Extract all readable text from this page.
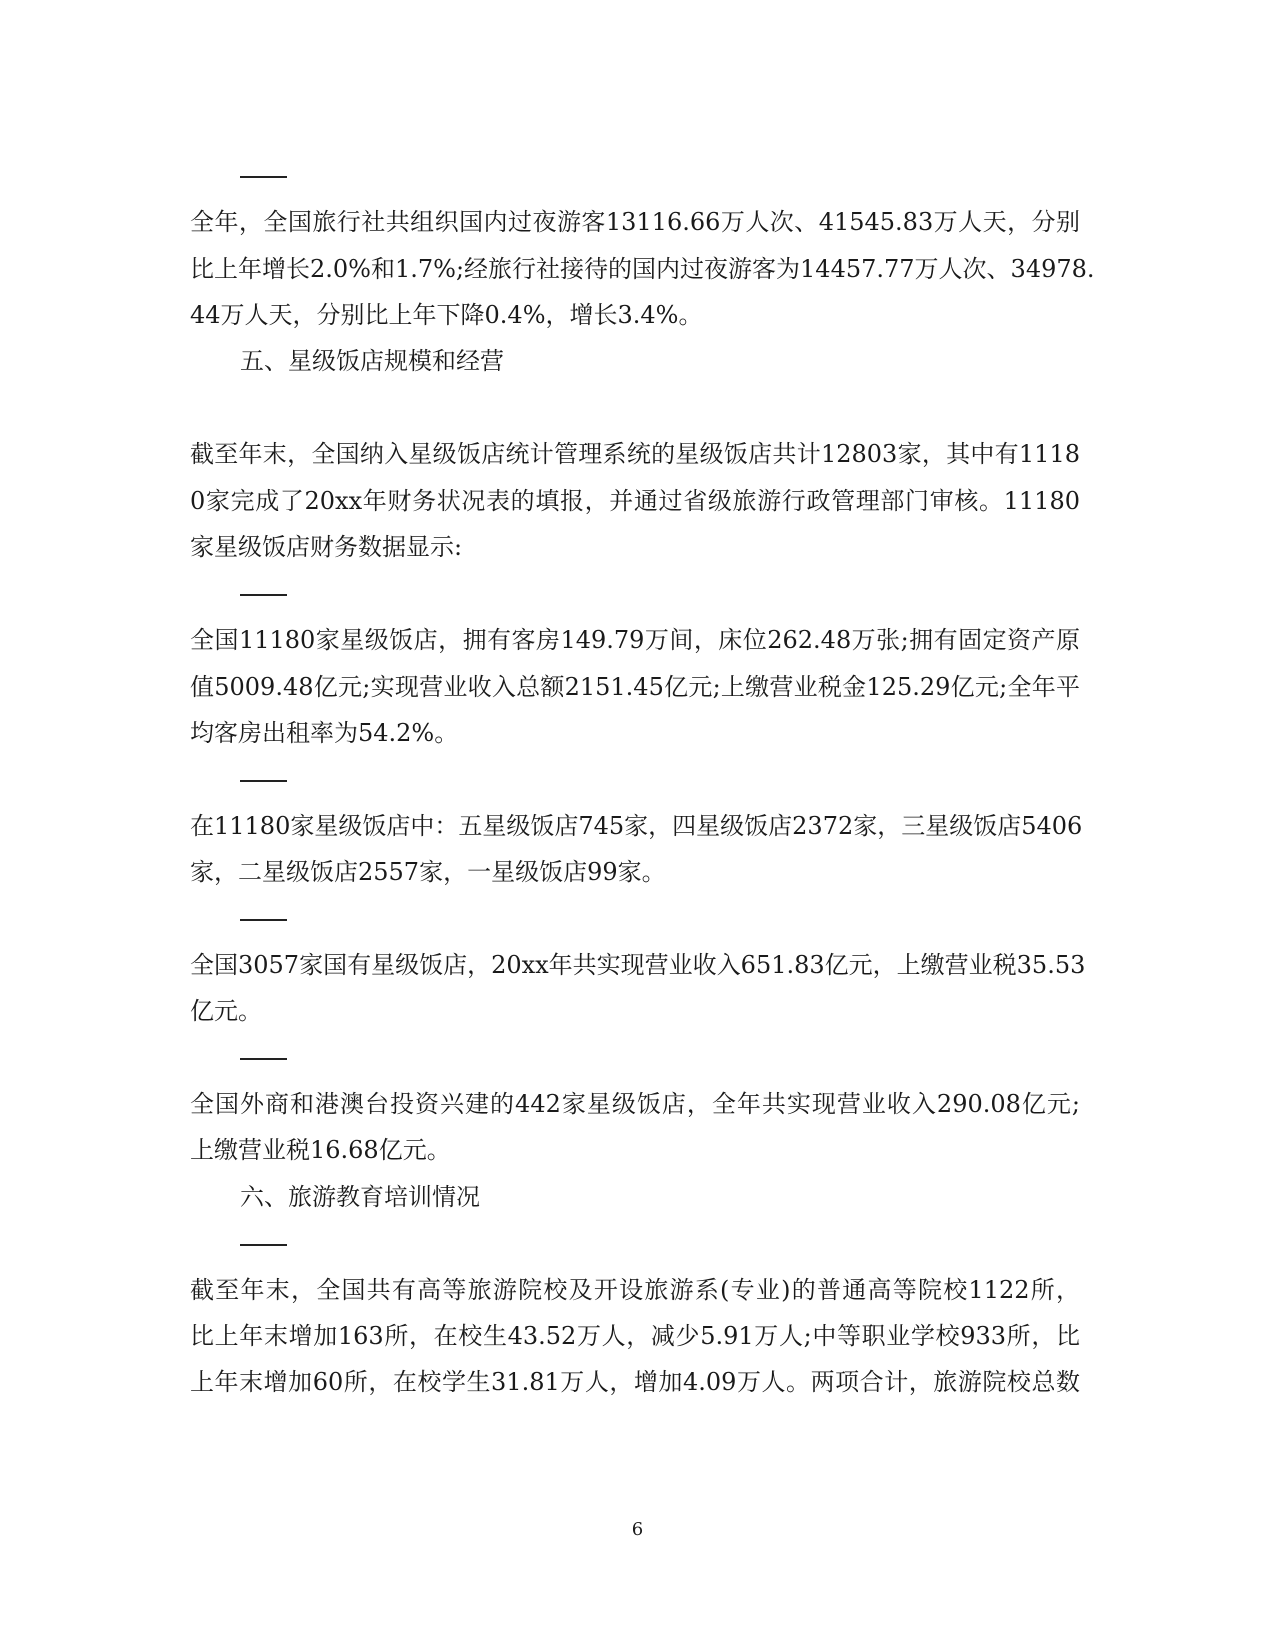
全年，全国旅行社共组织国内过夜游客13116.66万人次、41545.83万人天，分别
比上年增长2.0%和1.7%;经旅行社接待的国内过夜游客为14457.77万人次、34978.
44万人天，分别比上年下降0.4%，增长3.4%。
五、星级饭店规模和经营
截至年末，全国纳入星级饭店统计管理系统的星级饭店共计12803家，其中有1118
0家完成了20xx年财务状况表的填报，并通过省级旅游行政管理部门审核。11180
家星级饭店财务数据显示:
全国11180家星级饭店，拥有客房149.79万间，床位262.48万张;拥有固定资产原
值5009.48亿元;实现营业收入总额2151.45亿元;上缴营业税金125.29亿元;全年平
均客房出租率为54.2%。
在11180家星级饭店中：五星级饭店745家，四星级饭店2372家，三星级饭店5406
家，二星级饭店2557家，一星级饭店99家。
全国3057家国有星级饭店，20xx年共实现营业收入651.83亿元，上缴营业税35.53
亿元。
全国外商和港澳台投资兴建的442家星级饭店，全年共实现营业收入290.08亿元;
上缴营业税16.68亿元。
六、旅游教育培训情况
截至年末，全国共有高等旅游院校及开设旅游系(专业)的普通高等院校1122所，
比上年末增加163所，在校生43.52万人，减少5.91万人;中等职业学校933所，比
上年末增加60所，在校学生31.81万人，增加4.09万人。两项合计，旅游院校总数
6
